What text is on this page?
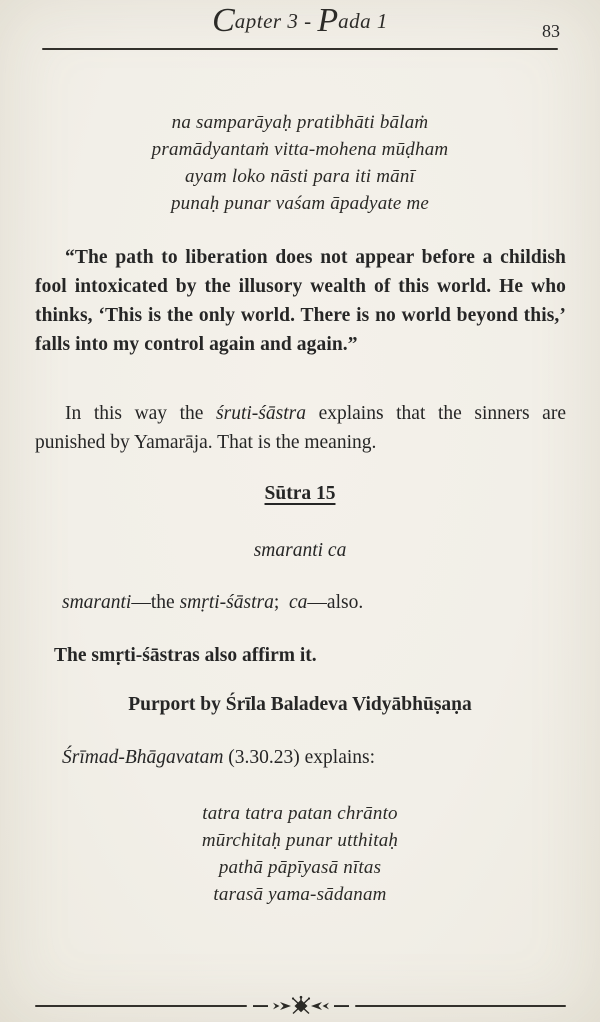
Capter 3 - Pada 1	83
na samparāyaḥ pratibhāti bālaṁ
pramādyantaṁ vitta-mohena mūḍham
ayam loko nāsti para iti mānī
punaḥ punar vaśam āpadyate me

“The path to liberation does not appear before a childish fool intoxicated by the illusory wealth of this world. He who thinks, ‘This is the only world. There is no world beyond this,’ falls into my control again and again.”

In this way the śruti-śāstra explains that the sinners are punished by Yamarāja. That is the meaning.

Sūtra 15
smaranti ca

smaranti—the smṛti-śāstra;  ca—also.

The smṛti-śāstras also affirm it.

Purport by Śrīla Baladeva Vidyābhūṣaṇa

Śrīmad-Bhāgavatam (3.30.23) explains:

tatra tatra patan chrānto
mūrchitaḥ punar utthitaḥ
pathā pāpīyasā nītas
tarasā yama-sādanam
